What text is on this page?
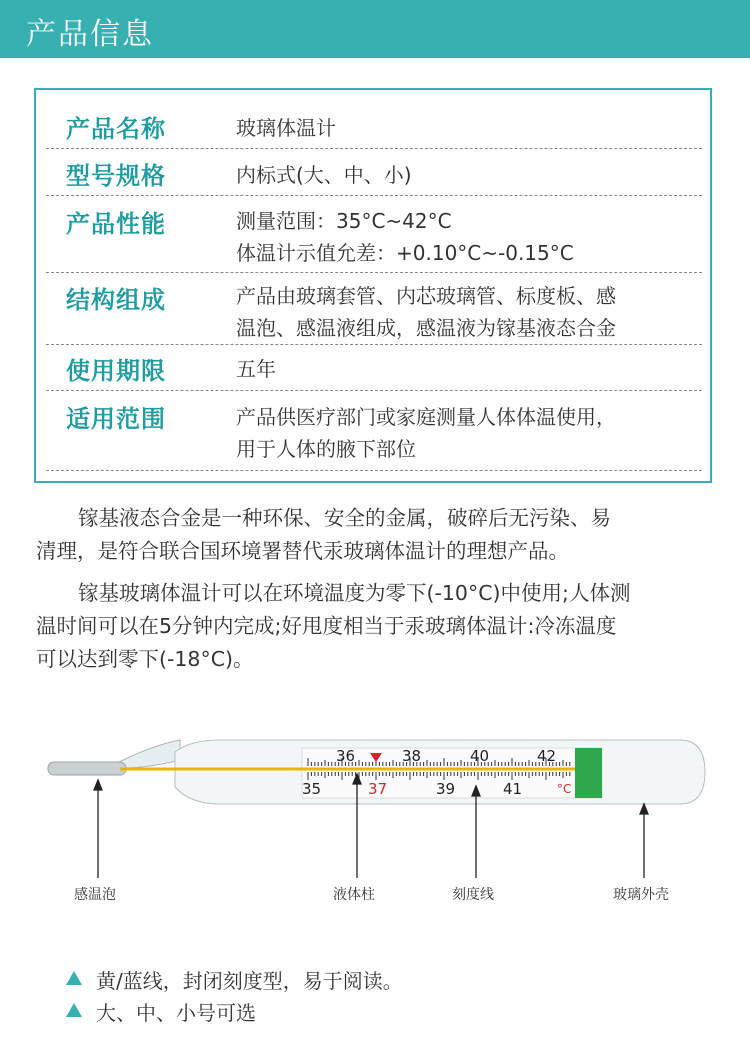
产品信息
产品名称	玻璃体温计
型号规格	内标式(大、中、小)
产品性能	测量范围：35°C~42°C
体温计示值允差：+0.10°C~-0.15°C
结构组成	产品由玻璃套管、内芯玻璃管、标度板、感
温泡、感温液组成，感温液为镓基液态合金
使用期限	五年
适用范围	产品供医疗部门或家庭测量人体体温使用，
用于人体的腋下部位
镓基液态合金是一种环保、安全的金属，破碎后无污染、易
清理，是符合联合国环境署替代汞玻璃体温计的理想产品。
镓基玻璃体温计可以在环境温度为零下(-10°C)中使用;人体测
温时间可以在5分钟内完成;好甩度相当于汞玻璃体温计:冷冻温度
可以达到零下(-18°C)。
36	38	40	42
35	37	39	41	°C
感温泡	液体柱	刻度线	玻璃外壳
黄/蓝线，封闭刻度型，易于阅读。
大、中、小号可选
